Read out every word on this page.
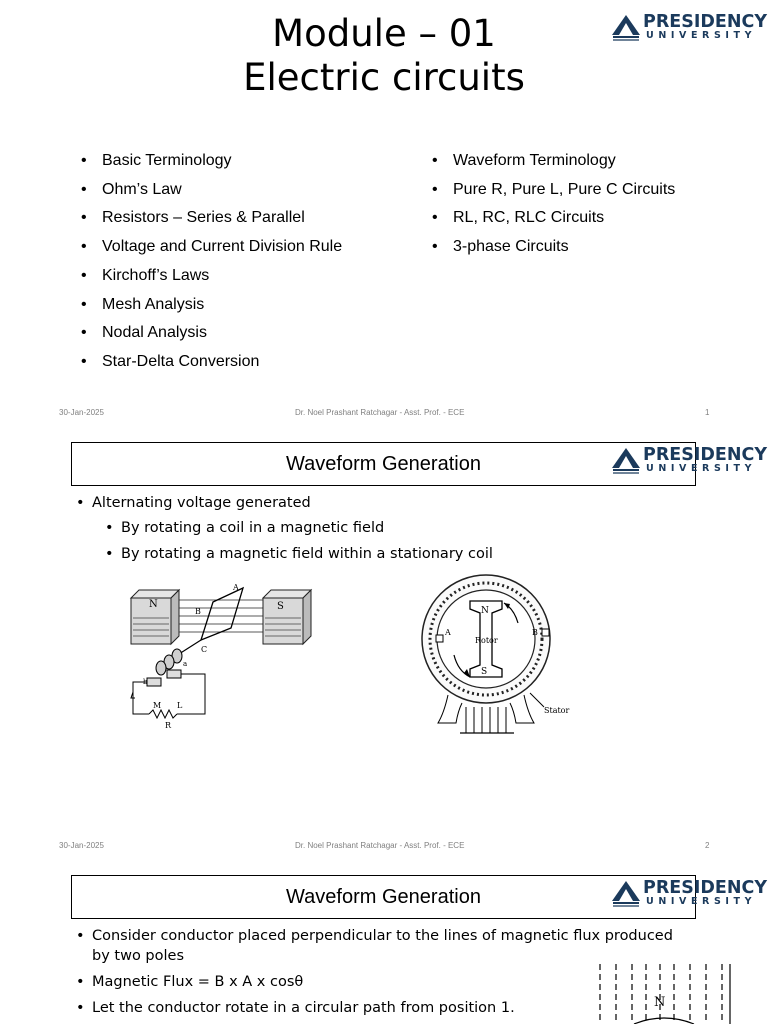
Module – 01
Electric circuits
PRESIDENCY
UNIVERSITY
• Basic Terminology
• Ohm’s Law
• Resistors – Series & Parallel
• Voltage and Current Division Rule
• Kirchoff’s Laws
• Mesh Analysis
• Nodal Analysis
• Star-Delta Conversion
• Waveform Terminology
• Pure R, Pure L, Pure C Circuits
• RL, RC, RLC Circuits
• 3-phase Circuits
30-Jan-2025	Dr. Noel Prashant Ratchagar - Asst. Prof. - ECE	1
Waveform Generation	PRESIDENCY
UNIVERSITY
• Alternating voltage generated
• By rotating a coil in a magnetic field
• By rotating a magnetic field within a stationary coil
N	S
A
B
C
a
b
M L
R
N
S
Rotor
A	B
Stator
30-Jan-2025	Dr. Noel Prashant Ratchagar - Asst. Prof. - ECE	2
Waveform Generation	PRESIDENCY
UNIVERSITY
• Consider conductor placed perpendicular to the lines of magnetic flux produced by two poles
• Magnetic Flux = B x A x cosθ
• Let the conductor rotate in a circular path from position 1.	N
